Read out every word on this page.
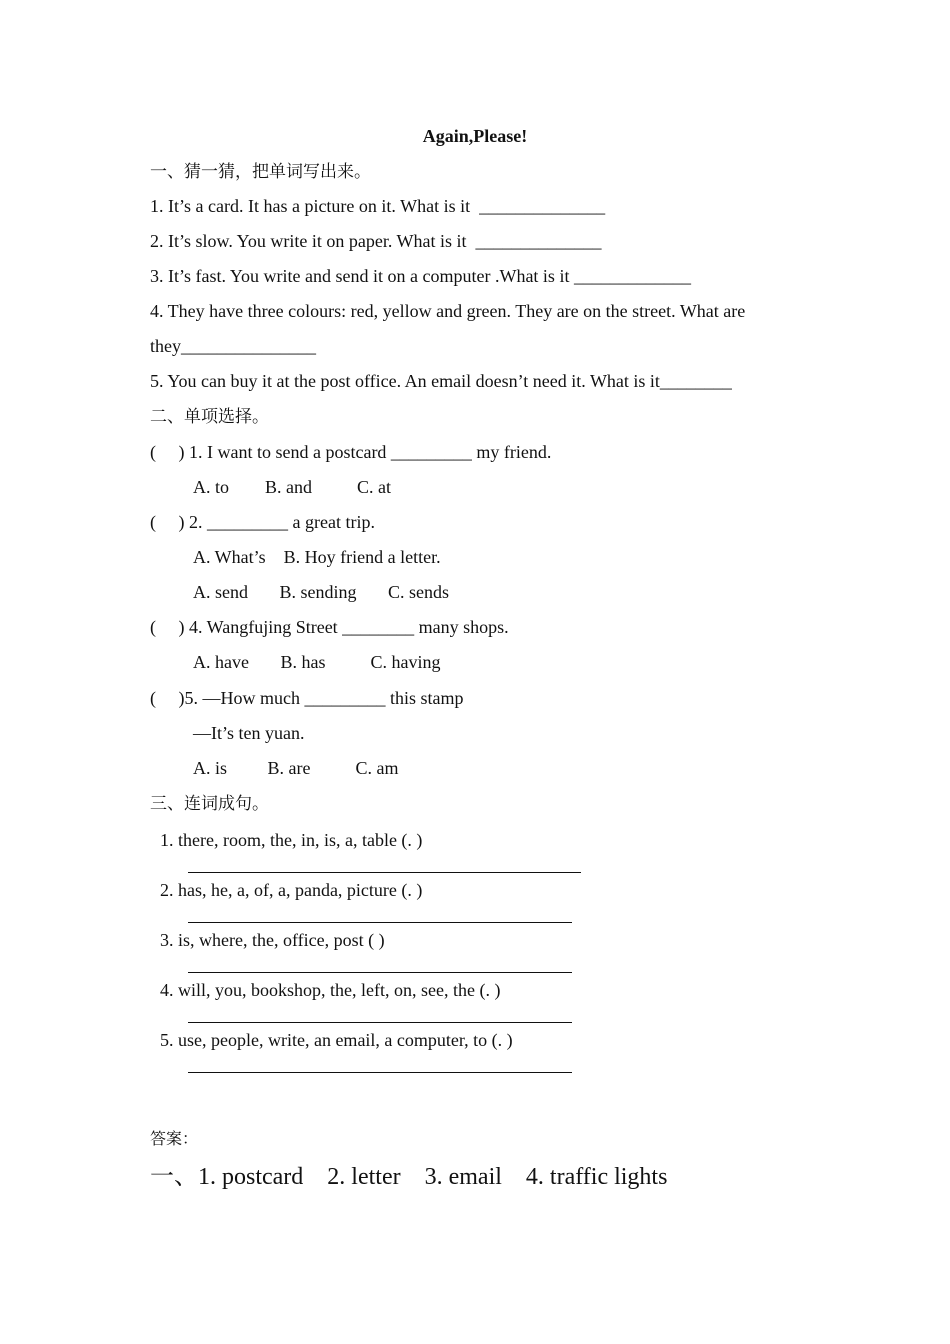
Again,Please!
一、猜一猜，把单词写出来。
1. It’s a card. It has a picture on it. What is it  ______________
2. It’s slow. You write it on paper. What is it  ______________
3. It’s fast. You write and send it on a computer .What is it _____________
4. They have three colours: red, yellow and green. They are on the street. What are
they_______________
5. You can buy it at the post office. An email doesn’t need it. What is it________
二、单项选择。
(     ) 1. I want to send a postcard _________ my friend.
A. to        B. and          C. at
(     ) 2. _________ a great trip.
A. What’s    B. Hoy friend a letter.
A. send       B. sending       C. sends
(     ) 4. Wangfujing Street ________ many shops.
A. have       B. has          C. having
(     )5. —How much _________ this stamp
—It’s ten yuan.
A. is         B. are          C. am
三、连词成句。
1. there, room, the, in, is, a, table (. )
2. has, he, a, of, a, panda, picture (. )
3. is, where, the, office, post ( )
4. will, you, bookshop, the, left, on, see, the (. )
5. use, people, write, an email, a computer, to (. )
答案：
一、1. postcard    2. letter    3. email    4. traffic lights
